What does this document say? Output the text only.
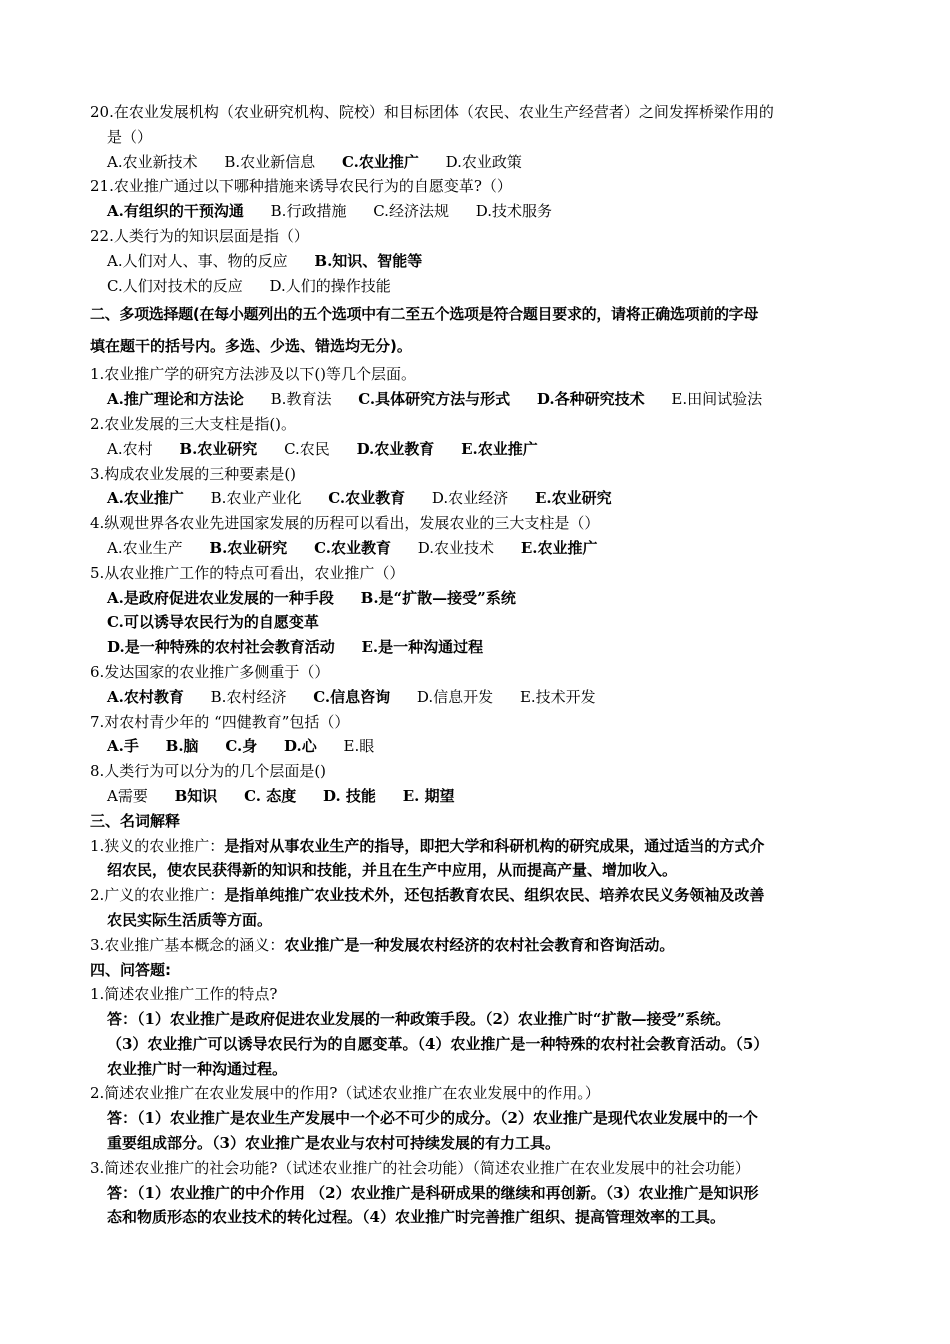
20.在农业发展机构（农业研究机构、院校）和目标团体（农民、农业生产经营者）之间发挥桥梁作用的
是（）
A.农业新技术 B.农业新信息 C.农业推广 D.农业政策
21.农业推广通过以下哪种措施来诱导农民行为的自愿变革?（）
A.有组织的干预沟通 B.行政措施 C.经济法规 D.技术服务
22.人类行为的知识层面是指（）
A.人们对人、事、物的反应 B.知识、智能等
C.人们对技术的反应 D.人们的操作技能
二、多项选择题(在每小题列出的五个选项中有二至五个选项是符合题目要求的，请将正确选项前的字母
填在题干的括号内。多选、少选、错选均无分)。
1.农业推广学的研究方法涉及以下()等几个层面。
A.推广理论和方法论 B.教育法 C.具体研究方法与形式 D.各种研究技术 E.田间试验法
2.农业发展的三大支柱是指()。
A.农村 B.农业研究 C.农民 D.农业教育 E.农业推广
3.构成农业发展的三种要素是()
A.农业推广 B.农业产业化 C.农业教育 D.农业经济 E.农业研究
4.纵观世界各农业先进国家发展的历程可以看出，发展农业的三大支柱是（）
A.农业生产 B.农业研究 C.农业教育 D.农业技术 E.农业推广
5.从农业推广工作的特点可看出，农业推广（）
A.是政府促进农业发展的一种手段 B.是“扩散—接受”系统
C.可以诱导农民行为的自愿变革
D.是一种特殊的农村社会教育活动 E.是一种沟通过程
6.发达国家的农业推广多侧重于（）
A.农村教育 B.农村经济 C.信息咨询 D.信息开发 E.技术开发
7.对农村青少年的 “四健教育”包括（）
A.手 B.脑 C.身 D.心 E.眼
8.人类行为可以分为的几个层面是()
A需要 B知识 C. 态度 D. 技能 E. 期望
三、名词解释
1.狭义的农业推广：是指对从事农业生产的指导，即把大学和科研机构的研究成果，通过适当的方式介
绍农民，使农民获得新的知识和技能，并且在生产中应用，从而提高产量、增加收入。
2.广义的农业推广：是指单纯推广农业技术外，还包括教育农民、组织农民、培养农民义务领袖及改善
农民实际生活质等方面。
3.农业推广基本概念的涵义：农业推广是一种发展农村经济的农村社会教育和咨询活动。
四、问答题:
1.简述农业推广工作的特点?
答：（1）农业推广是政府促进农业发展的一种政策手段。（2）农业推广时“扩散—接受”系统。
（3）农业推广可以诱导农民行为的自愿变革。（4）农业推广是一种特殊的农村社会教育活动。（5）
农业推广时一种沟通过程。
2.简述农业推广在农业发展中的作用?（试述农业推广在农业发展中的作用。）
答：（1）农业推广是农业生产发展中一个必不可少的成分。（2）农业推广是现代农业发展中的一个
重要组成部分。（3）农业推广是农业与农村可持续发展的有力工具。
3.简述农业推广的社会功能?（试述农业推广的社会功能）（简述农业推广在农业发展中的社会功能）
答：（1）农业推广的中介作用 （2）农业推广是科研成果的继续和再创新。（3）农业推广是知识形
态和物质形态的农业技术的转化过程。（4）农业推广时完善推广组织、提高管理效率的工具。
